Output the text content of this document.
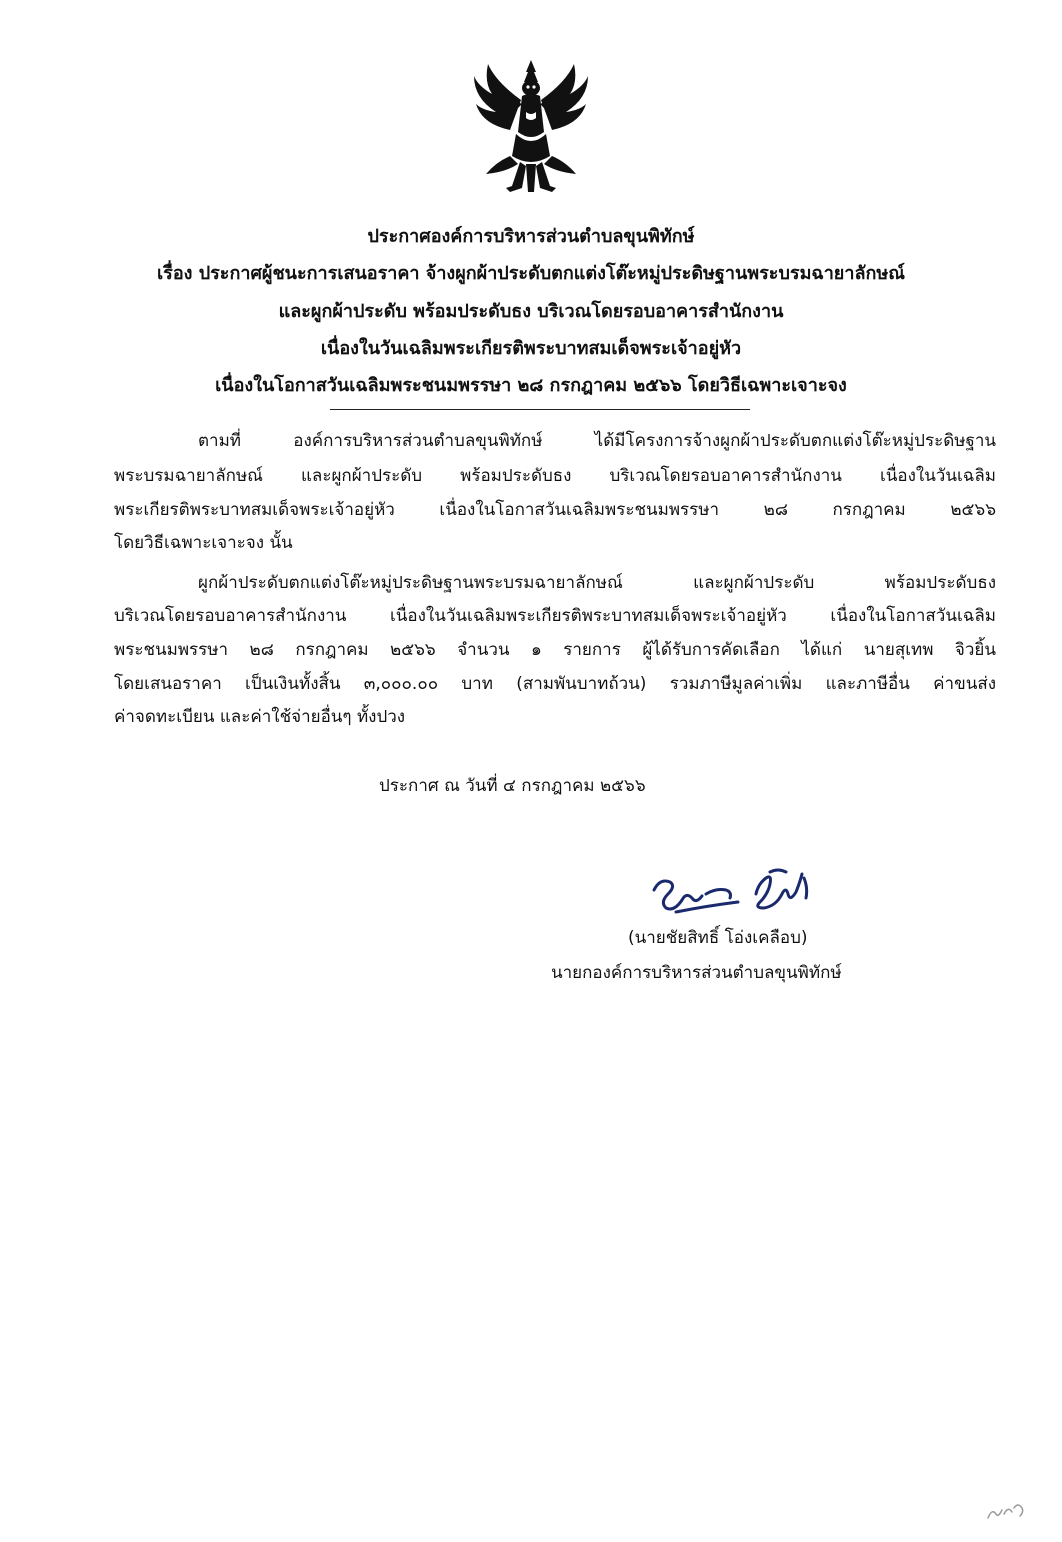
ประกาศองค์การบริหารส่วนตำบลขุนพิทักษ์
เรื่อง ประกาศผู้ชนะการเสนอราคา จ้างผูกผ้าประดับตกแต่งโต๊ะหมู่ประดิษฐานพระบรมฉายาลักษณ์
และผูกผ้าประดับ พร้อมประดับธง บริเวณโดยรอบอาคารสำนักงาน
เนื่องในวันเฉลิมพระเกียรติพระบาทสมเด็จพระเจ้าอยู่หัว
เนื่องในโอกาสวันเฉลิมพระชนมพรรษา ๒๘ กรกฎาคม ๒๕๖๖ โดยวิธีเฉพาะเจาะจง
ตามที่ องค์การบริหารส่วนตำบลขุนพิทักษ์ ได้มีโครงการจ้างผูกผ้าประดับตกแต่งโต๊ะหมู่ประดิษฐาน
พระบรมฉายาลักษณ์ และผูกผ้าประดับ พร้อมประดับธง บริเวณโดยรอบอาคารสำนักงาน เนื่องในวันเฉลิม
พระเกียรติพระบาทสมเด็จพระเจ้าอยู่หัว เนื่องในโอกาสวันเฉลิมพระชนมพรรษา ๒๘ กรกฎาคม ๒๕๖๖
โดยวิธีเฉพาะเจาะจง นั้น
ผูกผ้าประดับตกแต่งโต๊ะหมู่ประดิษฐานพระบรมฉายาลักษณ์ และผูกผ้าประดับ พร้อมประดับธง
บริเวณโดยรอบอาคารสำนักงาน เนื่องในวันเฉลิมพระเกียรติพระบาทสมเด็จพระเจ้าอยู่หัว เนื่องในโอกาสวันเฉลิม
พระชนมพรรษา ๒๘ กรกฎาคม ๒๕๖๖ จำนวน ๑ รายการ ผู้ได้รับการคัดเลือก ได้แก่ นายสุเทพ จิวยิ้น
โดยเสนอราคา เป็นเงินทั้งสิ้น ๓,๐๐๐.๐๐ บาท (สามพันบาทถ้วน) รวมภาษีมูลค่าเพิ่ม และภาษีอื่น ค่าขนส่ง
ค่าจดทะเบียน และค่าใช้จ่ายอื่นๆ ทั้งปวง
ประกาศ ณ วันที่ ๔ กรกฎาคม ๒๕๖๖
(นายชัยสิทธิ์ โอ่งเคลือบ)
นายกองค์การบริหารส่วนตำบลขุนพิทักษ์
